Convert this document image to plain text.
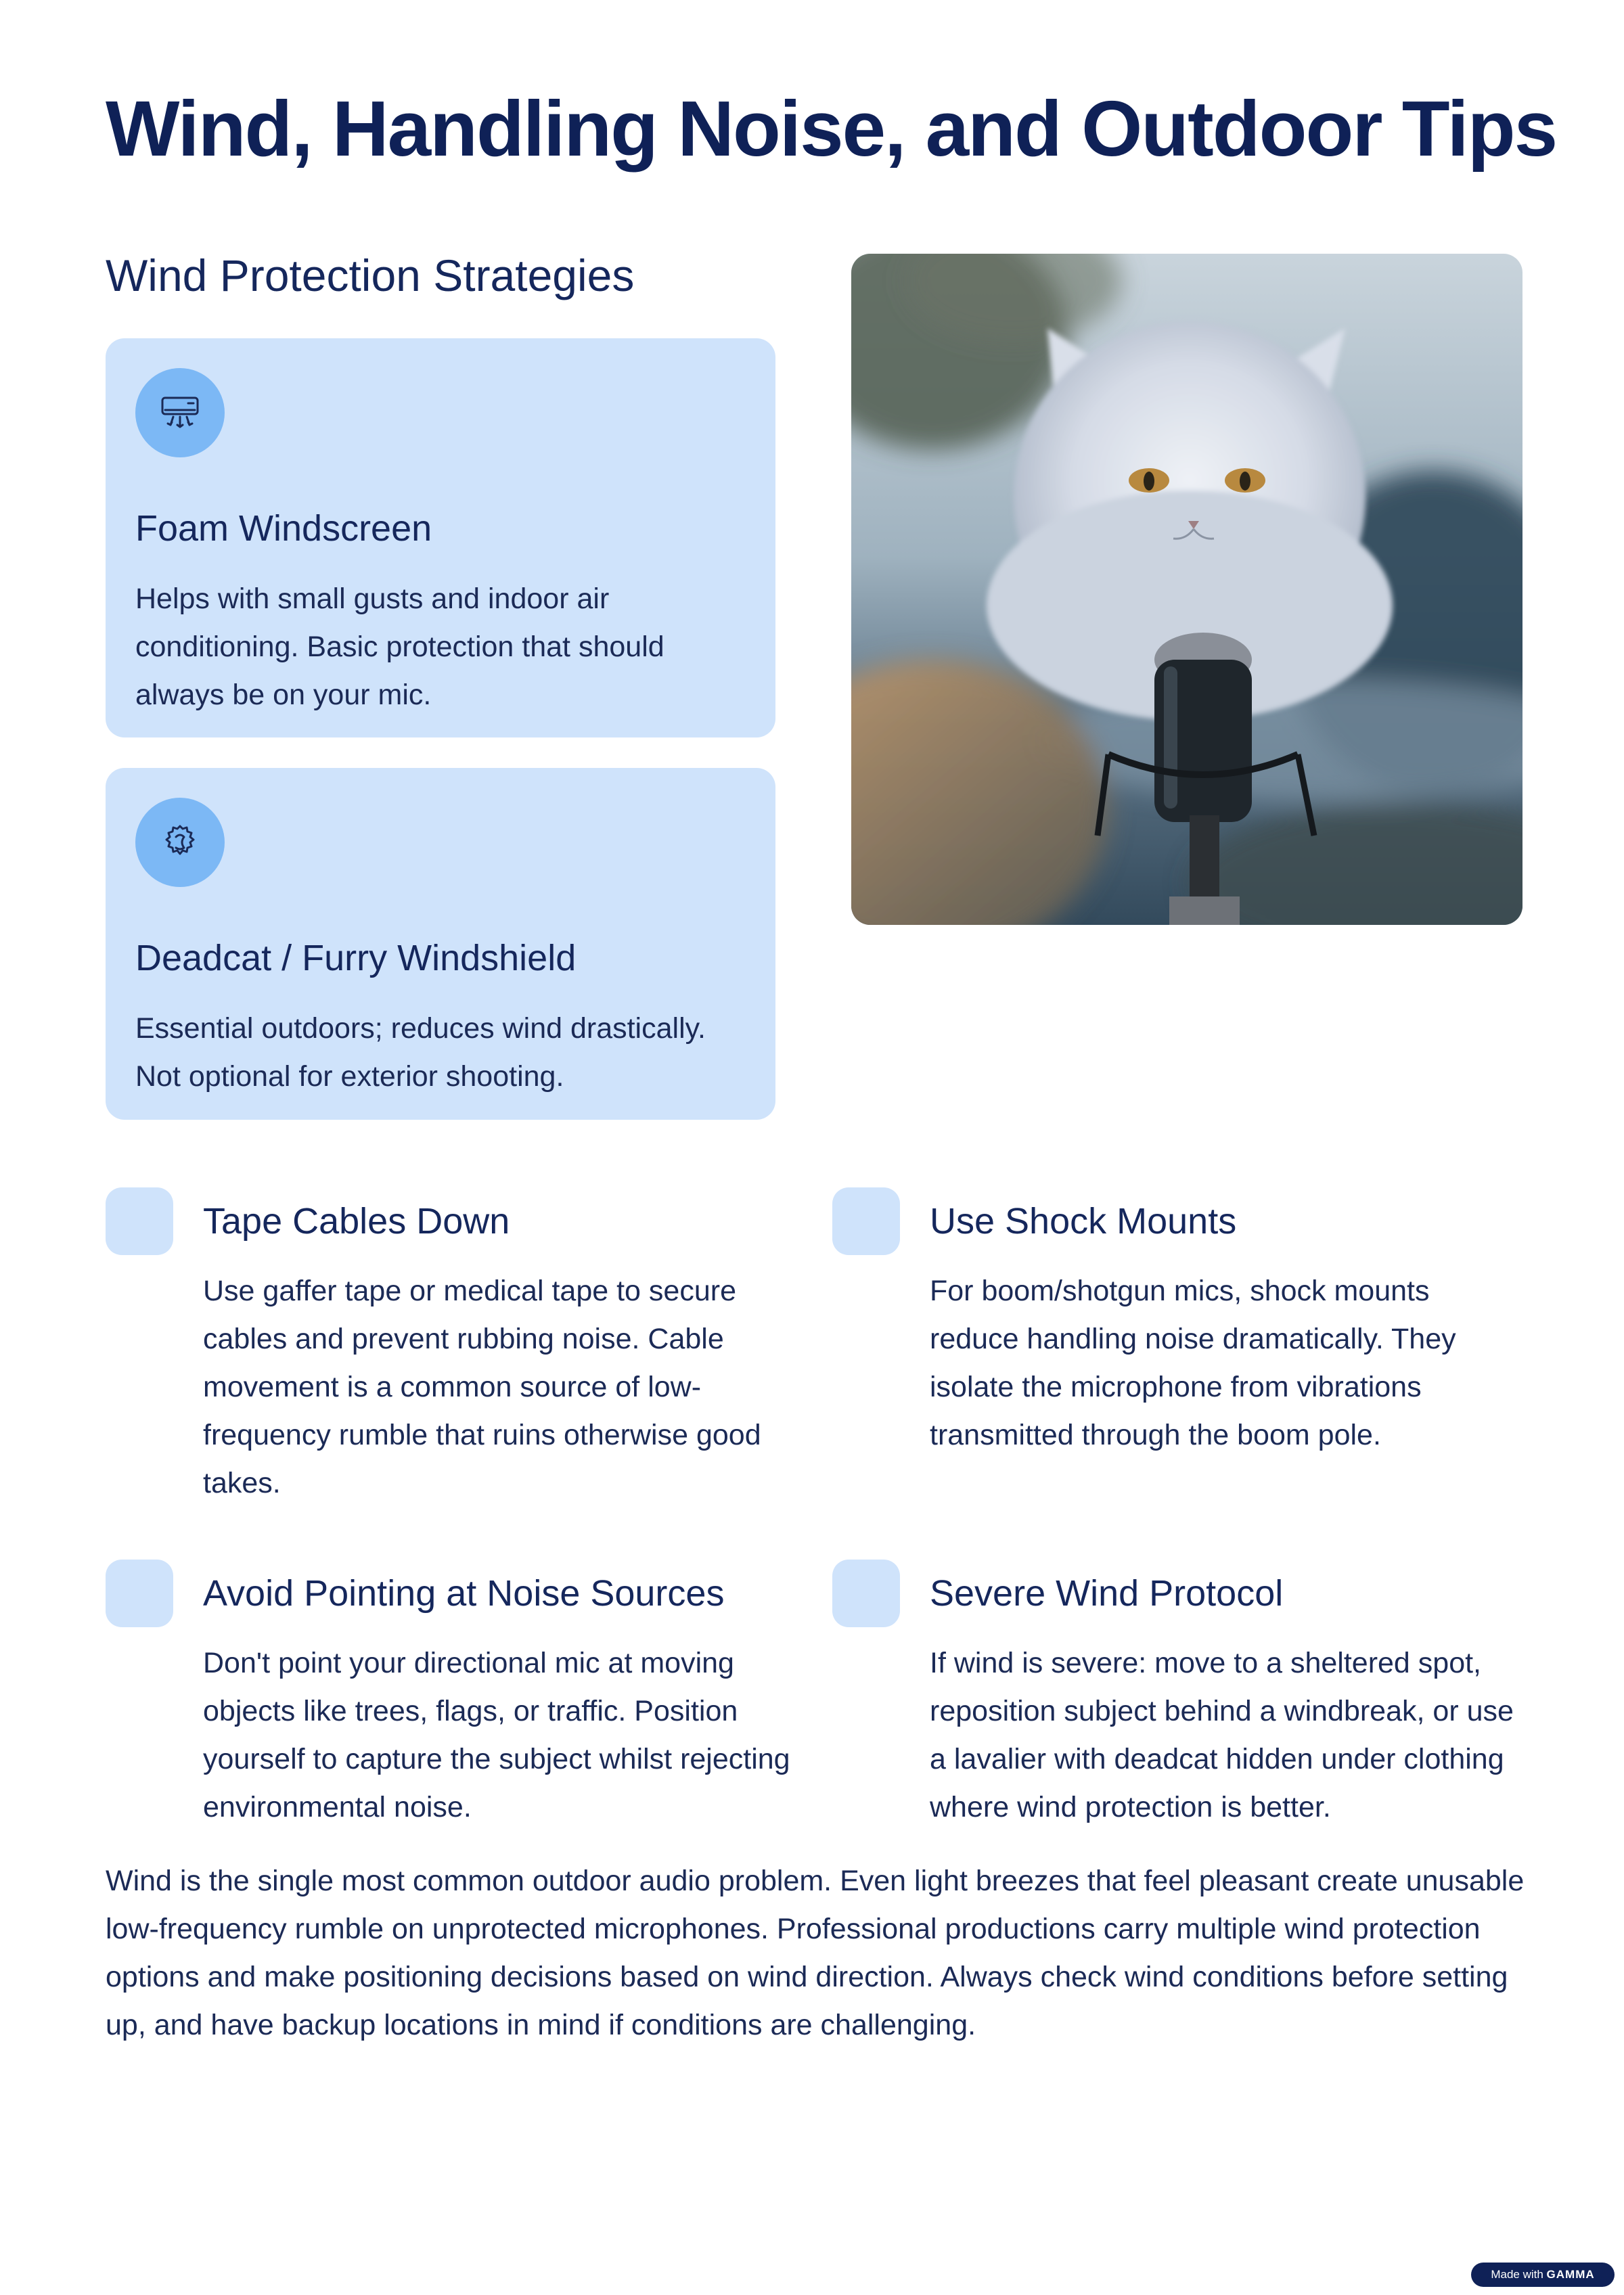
Wind, Handling Noise, and Outdoor Tips
Wind Protection Strategies
Foam Windscreen

Helps with small gusts and indoor air conditioning. Basic protection that should always be on your mic.

Deadcat / Furry Windshield

Essential outdoors; reduces wind drastically. Not optional for exterior shooting.

Tape Cables Down

Use gaffer tape or medical tape to secure cables and prevent rubbing noise. Cable movement is a common source of low-frequency rumble that ruins otherwise good takes.

Use Shock Mounts

For boom/shotgun mics, shock mounts reduce handling noise dramatically. They isolate the microphone from vibrations transmitted through the boom pole.

Avoid Pointing at Noise Sources

Don't point your directional mic at moving objects like trees, flags, or traffic. Position yourself to capture the subject whilst rejecting environmental noise.

Severe Wind Protocol

If wind is severe: move to a sheltered spot, reposition subject behind a windbreak, or use a lavalier with deadcat hidden under clothing where wind protection is better.

Wind is the single most common outdoor audio problem. Even light breezes that feel pleasant create unusable low-frequency rumble on unprotected microphones. Professional productions carry multiple wind protection options and make positioning decisions based on wind direction. Always check wind conditions before setting up, and have backup locations in mind if conditions are challenging.

Made with GAMMA
